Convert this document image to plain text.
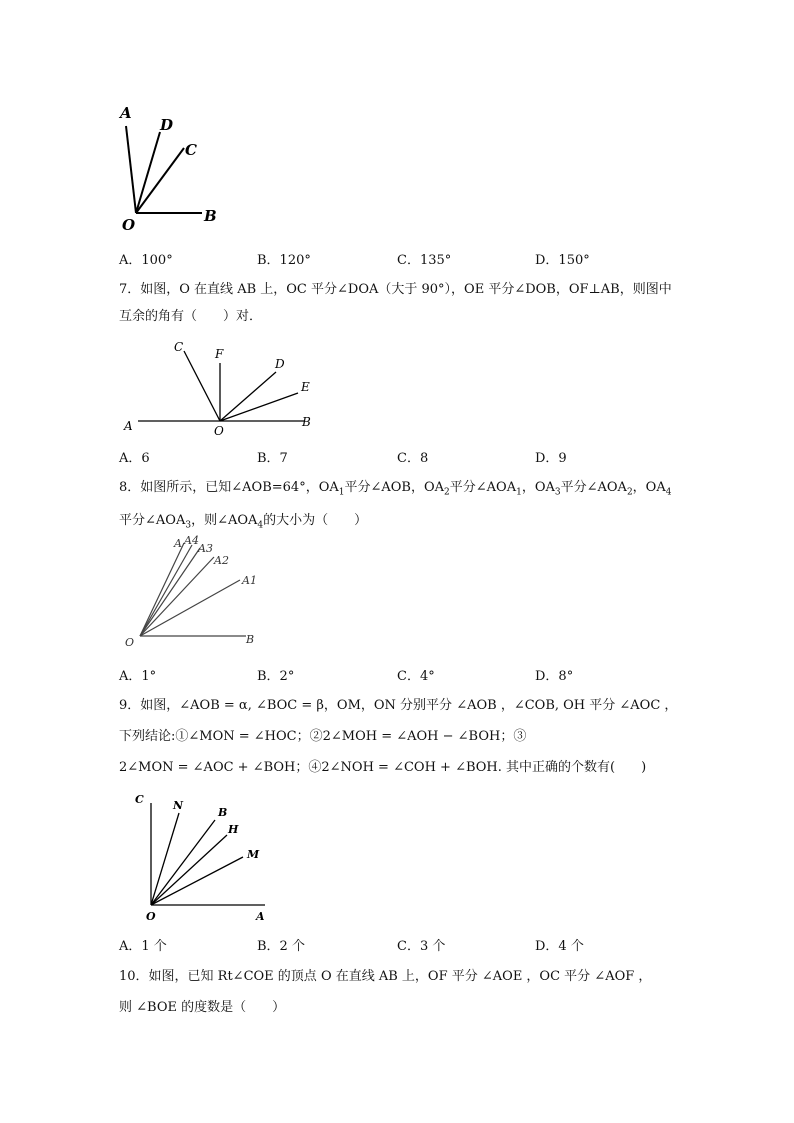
A
D
C
O	B
A．100°	B．120°	C．135°	D．150°
7．如图，O 在直线 AB 上，OC 平分∠DOA（大于 90°），OE 平分∠DOB，OF⊥AB，则图中
互余的角有（　　）对．
C	F
D
E
A	O
B
A．6	B．7	C．8	D．9
8．如图所示，已知∠AOB=64°，$OA_1$平分∠AOB，$OA_2$平分$\angle AOA_1$，$OA_3$平分$\angle AOA_2$，$OA_4$
平分$\angle AOA_3$，则$\angle AOA_4$的大小为（　　）
A A4
A3
A2
A1
O	B
A．1°	B．2°	C．4°	D．8°
9．如图，∠AOB = α, ∠BOC = β，OM，ON 分别平分 ∠AOB ，∠COB, OH 平分 ∠AOC ，
下列结论:①∠MON = ∠HOC；②2∠MOH = ∠AOH − ∠BOH；③
2∠MON = ∠AOC + ∠BOH；④2∠NOH = ∠COH + ∠BOH. 其中正确的个数有(　　)
C	N
B
H
M
O	A
A．1 个	B．2 个	C．3 个	D．4 个
10．如图，已知 Rt∠COE 的顶点 O 在直线 AB 上，OF 平分 ∠AOE ，OC 平分 ∠AOF ，
则 ∠BOE 的度数是（　　）
